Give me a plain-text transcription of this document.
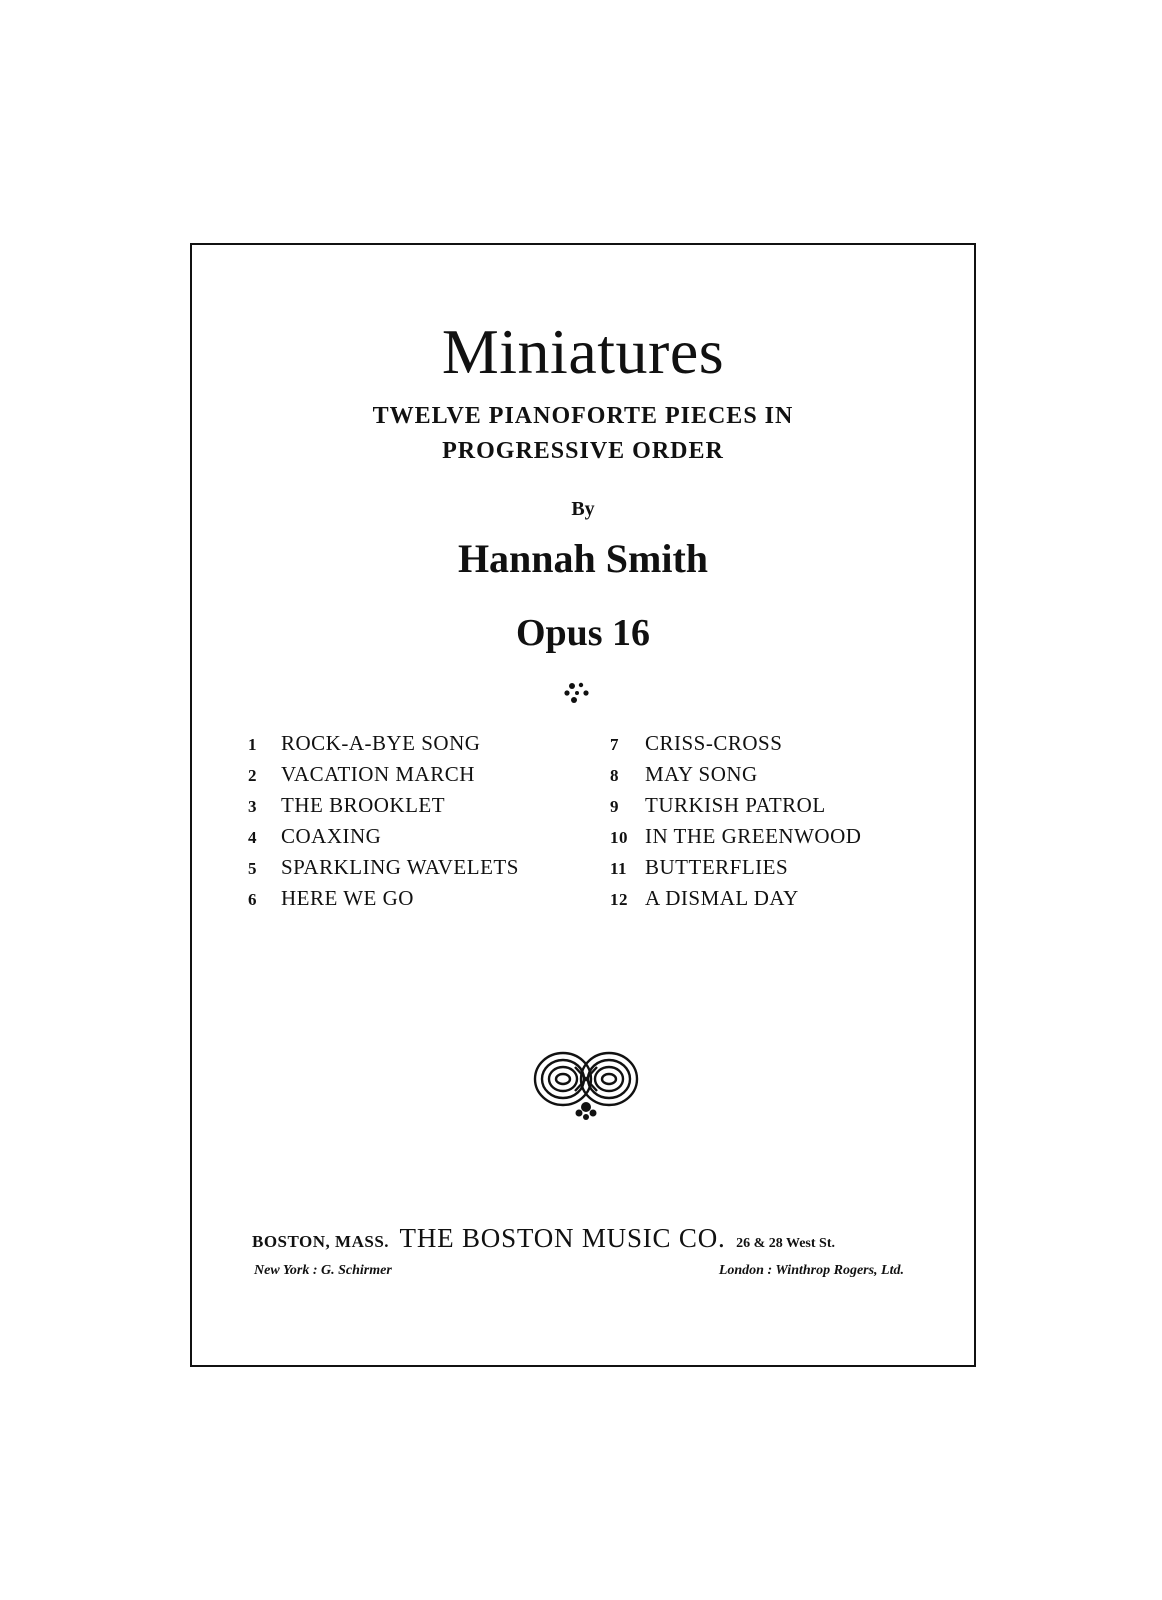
Miniatures
TWELVE PIANOFORTE PIECES IN
PROGRESSIVE ORDER
By
Hannah Smith
Opus 16
1	ROCK-A-BYE SONG
2	VACATION MARCH
3	THE BROOKLET
4	COAXING
5	SPARKLING WAVELETS
6	HERE WE GO
7	CRISS-CROSS
8	MAY SONG
9	TURKISH PATROL
10 IN THE GREENWOOD
11 BUTTERFLIES
12 A DISMAL DAY
BOSTON, MASS. THE BOSTON MUSIC CO. 26 & 28 West St.
New York : G. Schirmer	London : Winthrop Rogers, Ltd.
